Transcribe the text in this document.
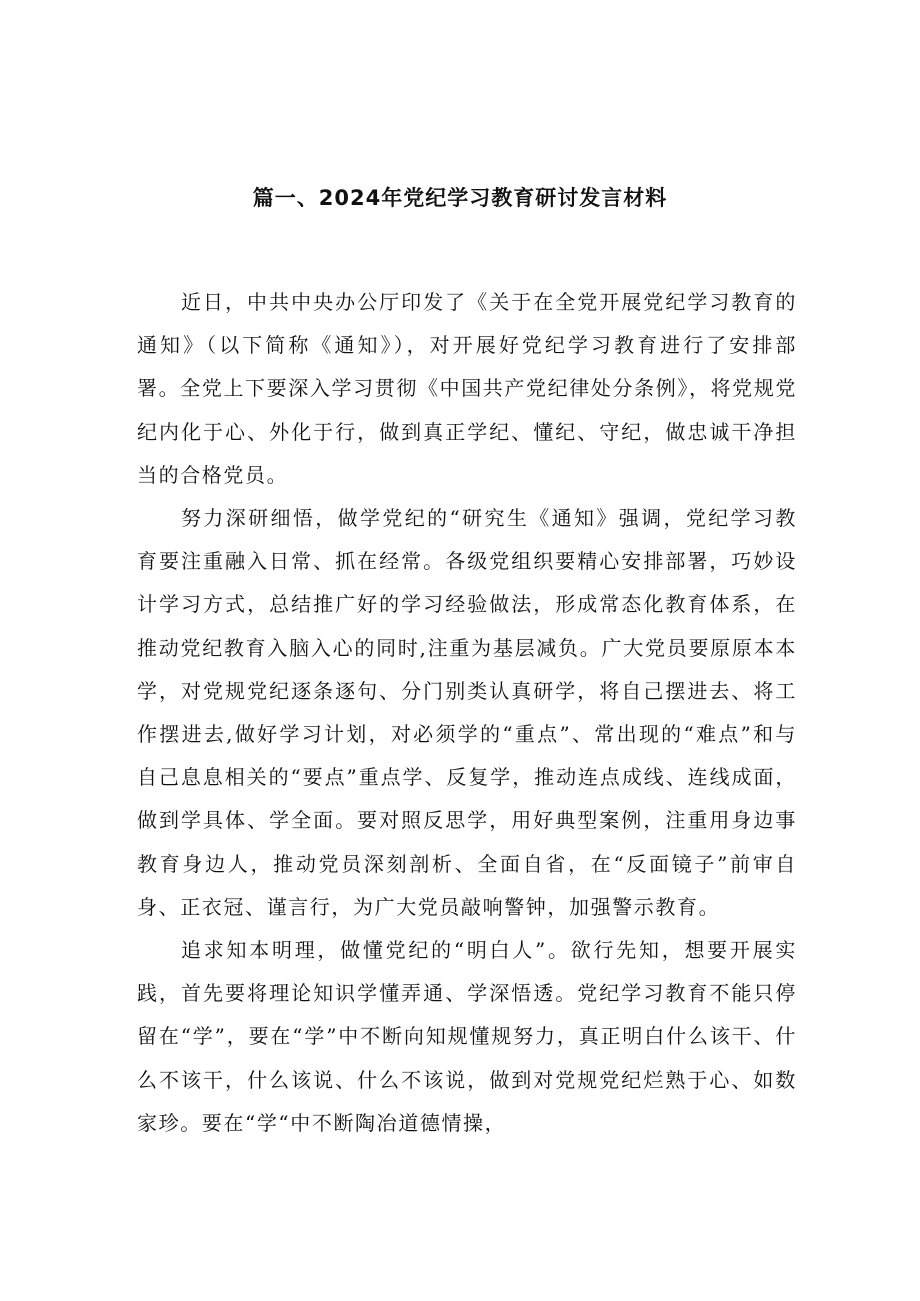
篇一、2024年党纪学习教育研讨发言材料

近日，中共中央办公厅印发了《关于在全党开展党纪学习教育的通知》（以下简称《通知》），对开展好党纪学习教育进行了安排部署。全党上下要深入学习贯彻《中国共产党纪律处分条例》，将党规党纪内化于心、外化于行，做到真正学纪、懂纪、守纪，做忠诚干净担当的合格党员。

努力深研细悟，做学党纪的“研究生《通知》强调，党纪学习教育要注重融入日常、抓在经常。各级党组织要精心安排部署，巧妙设计学习方式，总结推广好的学习经验做法，形成常态化教育体系，在推动党纪教育入脑入心的同时,注重为基层减负。广大党员要原原本本学，对党规党纪逐条逐句、分门别类认真研学，将自己摆进去、将工作摆进去,做好学习计划，对必须学的“重点”、常出现的“难点”和与自己息息相关的“要点”重点学、反复学，推动连点成线、连线成面，做到学具体、学全面。要对照反思学，用好典型案例，注重用身边事教育身边人，推动党员深刻剖析、全面自省，在“反面镜子”前审自身、正衣冠、谨言行，为广大党员敲响警钟，加强警示教育。

追求知本明理，做懂党纪的“明白人”。欲行先知，想要开展实践，首先要将理论知识学懂弄通、学深悟透。党纪学习教育不能只停留在“学”，要在“学”中不断向知规懂规努力，真正明白什么该干、什么不该干，什么该说、什么不该说，做到对党规党纪烂熟于心、如数家珍。要在“学“中不断陶冶道德情操，
